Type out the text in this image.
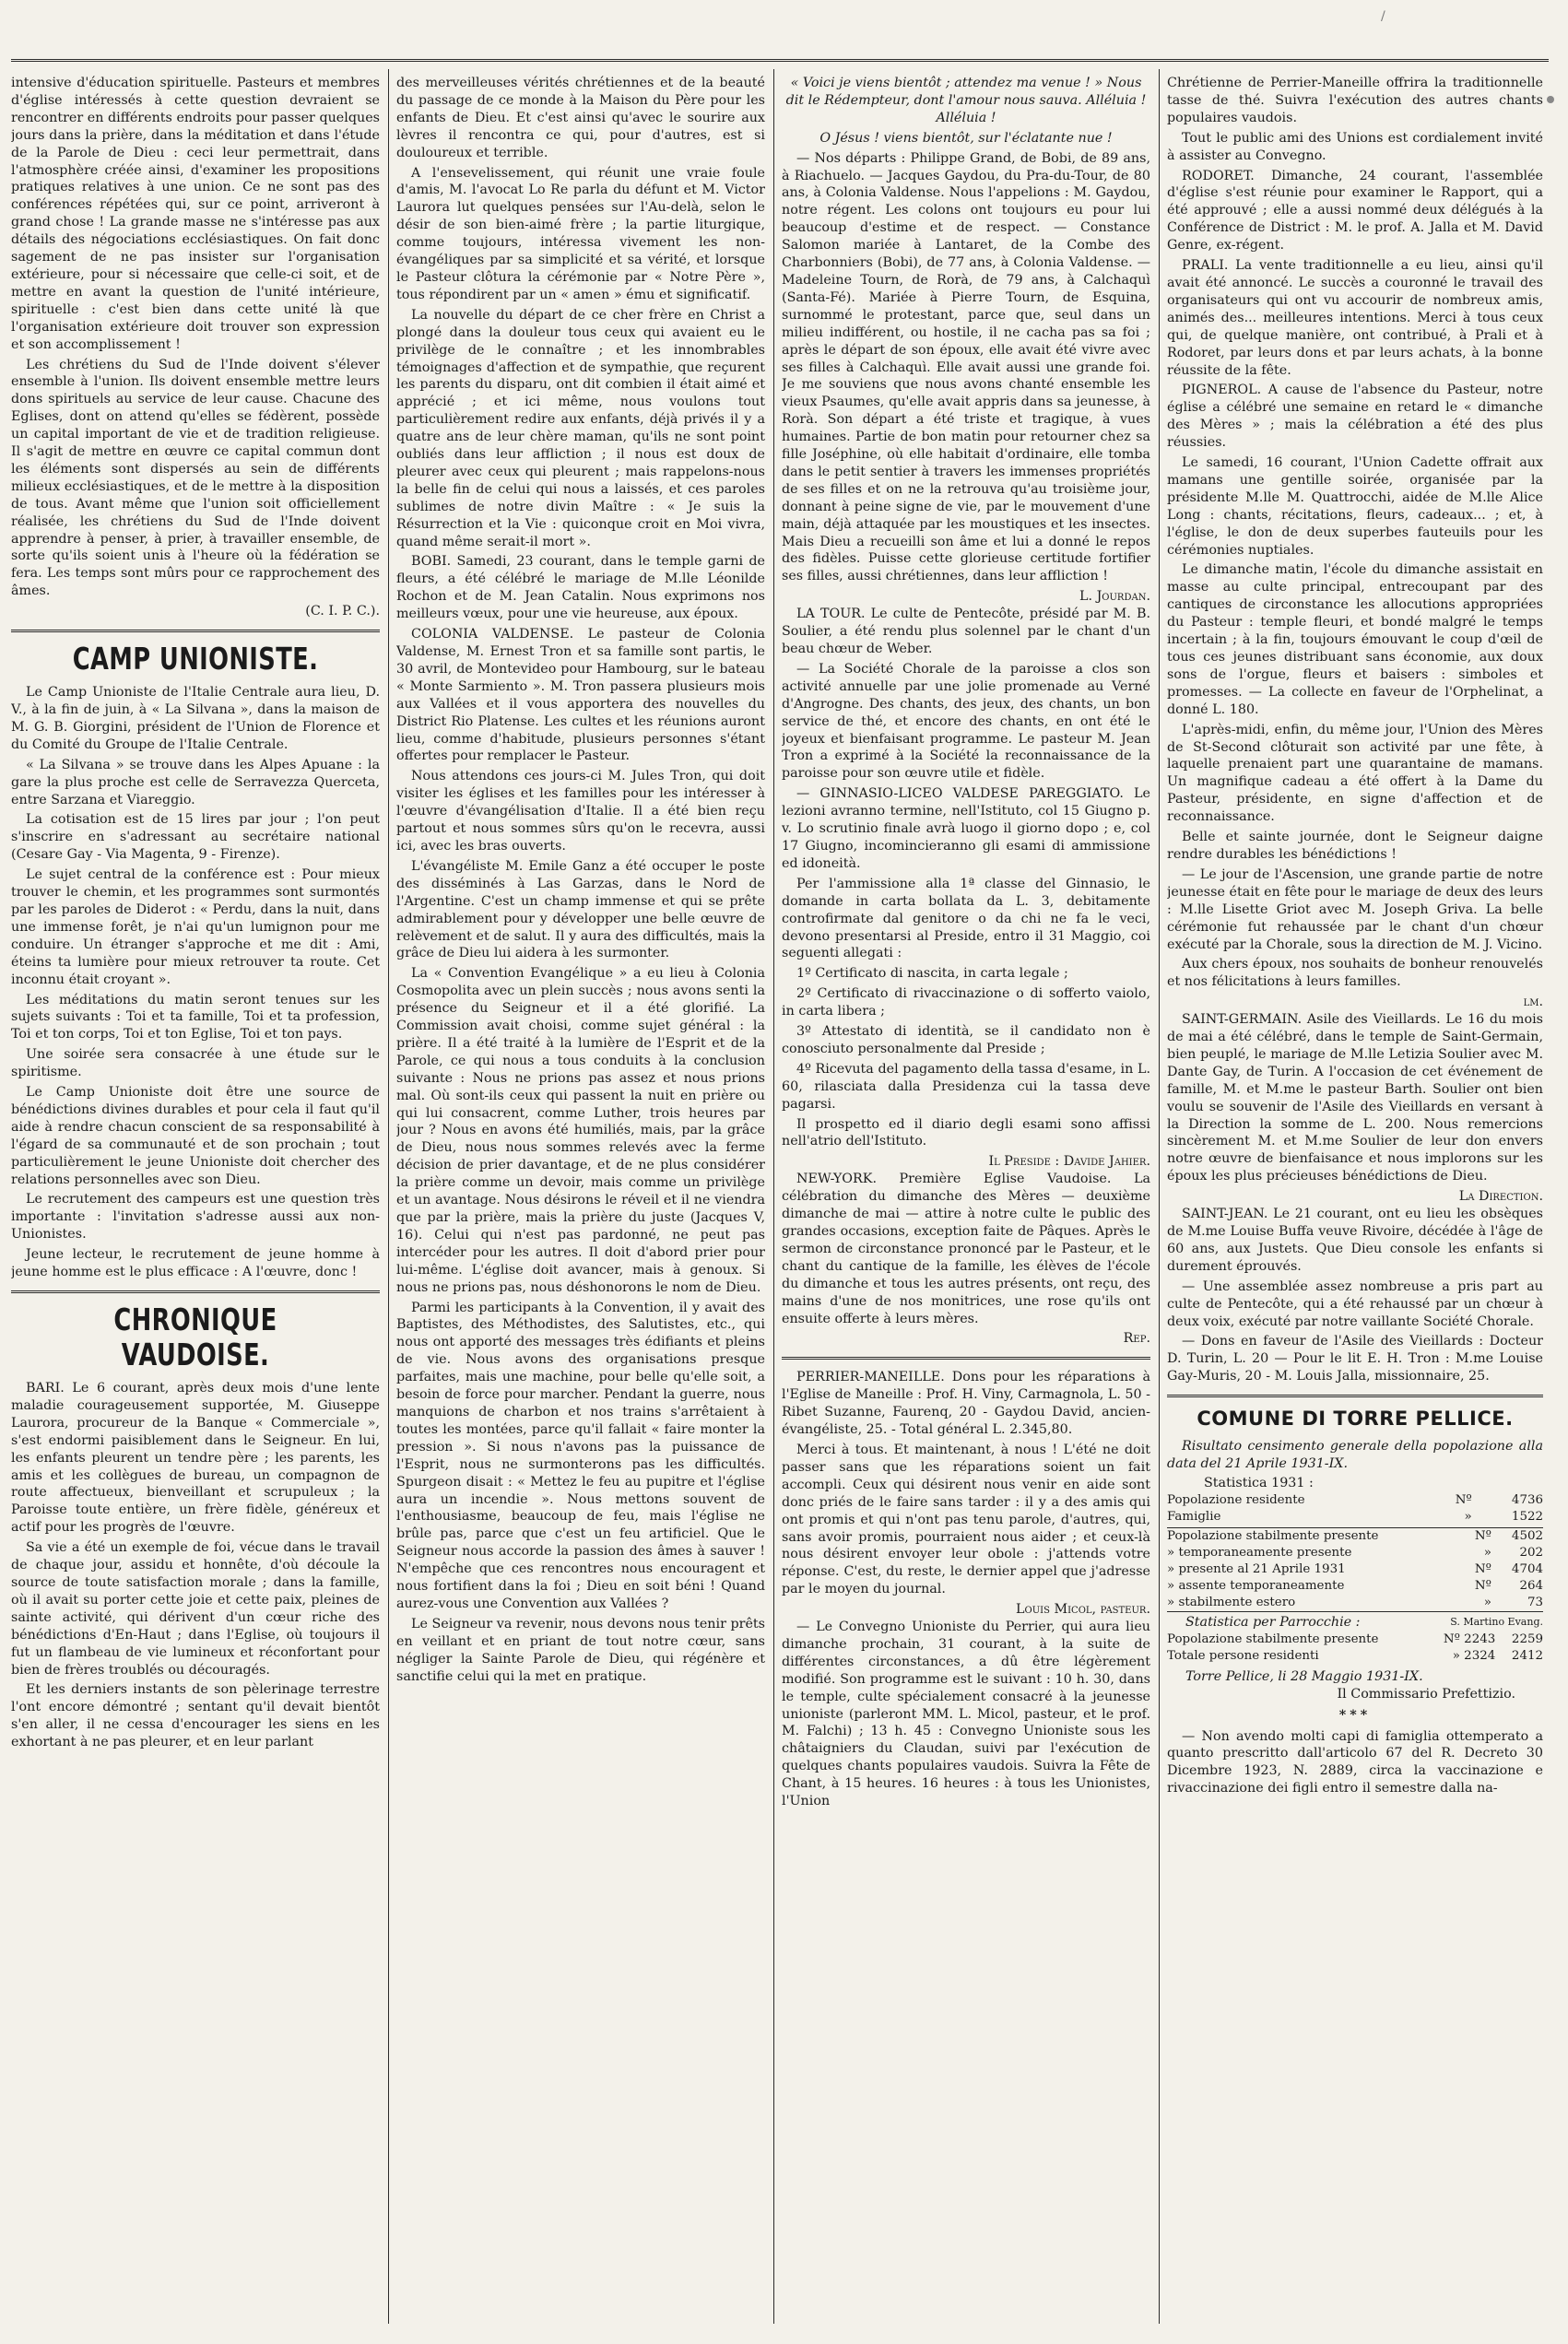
/

intensive d'éducation spirituelle. Pasteurs et membres d'église intéressés à cette question devraient se rencontrer en différents endroits pour passer quelques jours dans la prière, dans la méditation et dans l'étude de la Parole de Dieu : ceci leur permettrait, dans l'atmosphère créée ainsi, d'examiner les propositions pratiques relatives à une union. Ce ne sont pas des conférences répétées qui, sur ce point, arriveront à grand chose ! La grande masse ne s'intéresse pas aux détails des négociations ecclésiastiques. On fait donc sagement de ne pas insister sur l'organisation extérieure, pour si nécessaire que celle-ci soit, et de mettre en avant la question de l'unité intérieure, spirituelle : c'est bien dans cette unité là que l'organisation extérieure doit trouver son expression et son accomplissement !

Les chrétiens du Sud de l'Inde doivent s'élever ensemble à l'union. Ils doivent ensemble mettre leurs dons spirituels au service de leur cause. Chacune des Eglises, dont on attend qu'elles se fédèrent, possède un capital important de vie et de tradition religieuse. Il s'agit de mettre en œuvre ce capital commun dont les éléments sont dispersés au sein de différents milieux ecclésiastiques, et de le mettre à la disposition de tous. Avant même que l'union soit officiellement réalisée, les chrétiens du Sud de l'Inde doivent apprendre à penser, à prier, à travailler ensemble, de sorte qu'ils soient unis à l'heure où la fédération se fera. Les temps sont mûrs pour ce rapprochement des âmes.

(C. I. P. C.).

CAMP UNIONISTE.

Le Camp Unioniste de l'Italie Centrale aura lieu, D. V., à la fin de juin, à « La Silvana », dans la maison de M. G. B. Giorgini, président de l'Union de Florence et du Comité du Groupe de l'Italie Centrale.

« La Silvana » se trouve dans les Alpes Apuane : la gare la plus proche est celle de Serravezza Querceta, entre Sarzana et Viareggio.

La cotisation est de 15 lires par jour ; l'on peut s'inscrire en s'adressant au secrétaire national (Cesare Gay - Via Magenta, 9 - Firenze).

Le sujet central de la conférence est : Pour mieux trouver le chemin, et les programmes sont surmontés par les paroles de Diderot : « Perdu, dans la nuit, dans une immense forêt, je n'ai qu'un lumignon pour me conduire. Un étranger s'approche et me dit : Ami, éteins ta lumière pour mieux retrouver ta route. Cet inconnu était croyant ».

Les méditations du matin seront tenues sur les sujets suivants : Toi et ta famille, Toi et ta profession, Toi et ton corps, Toi et ton Eglise, Toi et ton pays.

Une soirée sera consacrée à une étude sur le spiritisme.

Le Camp Unioniste doit être une source de bénédictions divines durables et pour cela il faut qu'il aide à rendre chacun conscient de sa responsabilité à l'égard de sa communauté et de son prochain ; tout particulièrement le jeune Unioniste doit chercher des relations personnelles avec son Dieu.

Le recrutement des campeurs est une question très importante : l'invitation s'adresse aussi aux non-Unionistes.

Jeune lecteur, le recrutement de jeune homme à jeune homme est le plus efficace : A l'œuvre, donc !

CHRONIQUE VAUDOISE.

BARI. Le 6 courant, après deux mois d'une lente maladie courageusement supportée, M. Giuseppe Laurora, procureur de la Banque « Commerciale », s'est endormi paisiblement dans le Seigneur. En lui, les enfants pleurent un tendre père ; les parents, les amis et les collègues de bureau, un compagnon de route affectueux, bienveillant et scrupuleux ; la Paroisse toute entière, un frère fidèle, généreux et actif pour les progrès de l'œuvre.

Sa vie a été un exemple de foi, vécue dans le travail de chaque jour, assidu et honnête, d'où découle la source de toute satisfaction morale ; dans la famille, où il avait su porter cette joie et cette paix, pleines de sainte activité, qui dérivent d'un cœur riche des bénédictions d'En-Haut ; dans l'Eglise, où toujours il fut un flambeau de vie lumineux et réconfortant pour bien de frères troublés ou découragés.

Et les derniers instants de son pèlerinage terrestre l'ont encore démontré ; sentant qu'il devait bientôt s'en aller, il ne cessa d'encourager les siens en les exhortant à ne pas pleurer, et en leur parlant

des merveilleuses vérités chrétiennes et de la beauté du passage de ce monde à la Maison du Père pour les enfants de Dieu. Et c'est ainsi qu'avec le sourire aux lèvres il rencontra ce qui, pour d'autres, est si douloureux et terrible.

A l'ensevelissement, qui réunit une vraie foule d'amis, M. l'avocat Lo Re parla du défunt et M. Victor Laurora lut quelques pensées sur l'Au-delà, selon le désir de son bien-aimé frère ; la partie liturgique, comme toujours, intéressa vivement les non-évangéliques par sa simplicité et sa vérité, et lorsque le Pasteur clôtura la cérémonie par « Notre Père », tous répondirent par un « amen » ému et significatif.

La nouvelle du départ de ce cher frère en Christ a plongé dans la douleur tous ceux qui avaient eu le privilège de le connaître ; et les innombrables témoignages d'affection et de sympathie, que reçurent les parents du disparu, ont dit combien il était aimé et apprécié ; et ici même, nous voulons tout particulièrement redire aux enfants, déjà privés il y a quatre ans de leur chère maman, qu'ils ne sont point oubliés dans leur affliction ; il nous est doux de pleurer avec ceux qui pleurent ; mais rappelons-nous la belle fin de celui qui nous a laissés, et ces paroles sublimes de notre divin Maître : « Je suis la Résurrection et la Vie : quiconque croit en Moi vivra, quand même serait-il mort ».

BOBI. Samedi, 23 courant, dans le temple garni de fleurs, a été célébré le mariage de M.lle Léonilde Rochon et de M. Jean Catalin. Nous exprimons nos meilleurs vœux, pour une vie heureuse, aux époux.

COLONIA VALDENSE. Le pasteur de Colonia Valdense, M. Ernest Tron et sa famille sont partis, le 30 avril, de Montevideo pour Hambourg, sur le bateau « Monte Sarmiento ». M. Tron passera plusieurs mois aux Vallées et il vous apportera des nouvelles du District Rio Platense. Les cultes et les réunions auront lieu, comme d'habitude, plusieurs personnes s'étant offertes pour remplacer le Pasteur.

Nous attendons ces jours-ci M. Jules Tron, qui doit visiter les églises et les familles pour les intéresser à l'œuvre d'évangélisation d'Italie. Il a été bien reçu partout et nous sommes sûrs qu'on le recevra, aussi ici, avec les bras ouverts.

L'évangéliste M. Emile Ganz a été occuper le poste des disséminés à Las Garzas, dans le Nord de l'Argentine. C'est un champ immense et qui se prête admirablement pour y développer une belle œuvre de relèvement et de salut. Il y aura des difficultés, mais la grâce de Dieu lui aidera à les surmonter.

La « Convention Evangélique » a eu lieu à Colonia Cosmopolita avec un plein succès ; nous avons senti la présence du Seigneur et il a été glorifié. La Commission avait choisi, comme sujet général : la prière. Il a été traité à la lumière de l'Esprit et de la Parole, ce qui nous a tous conduits à la conclusion suivante : Nous ne prions pas assez et nous prions mal. Où sont-ils ceux qui passent la nuit en prière ou qui lui consacrent, comme Luther, trois heures par jour ? Nous en avons été humiliés, mais, par la grâce de Dieu, nous nous sommes relevés avec la ferme décision de prier davantage, et de ne plus considérer la prière comme un devoir, mais comme un privilège et un avantage. Nous désirons le réveil et il ne viendra que par la prière, mais la prière du juste (Jacques V, 16). Celui qui n'est pas pardonné, ne peut pas intercéder pour les autres. Il doit d'abord prier pour lui-même. L'église doit avancer, mais à genoux. Si nous ne prions pas, nous déshonorons le nom de Dieu.

Parmi les participants à la Convention, il y avait des Baptistes, des Méthodistes, des Salutistes, etc., qui nous ont apporté des messages très édifiants et pleins de vie. Nous avons des organisations presque parfaites, mais une machine, pour belle qu'elle soit, a besoin de force pour marcher. Pendant la guerre, nous manquions de charbon et nos trains s'arrêtaient à toutes les montées, parce qu'il fallait « faire monter la pression ». Si nous n'avons pas la puissance de l'Esprit, nous ne surmonterons pas les difficultés. Spurgeon disait : « Mettez le feu au pupitre et l'église aura un incendie ». Nous mettons souvent de l'enthousiasme, beaucoup de feu, mais l'église ne brûle pas, parce que c'est un feu artificiel. Que le Seigneur nous accorde la passion des âmes à sauver ! N'empêche que ces rencontres nous encouragent et nous fortifient dans la foi ; Dieu en soit béni ! Quand aurez-vous une Convention aux Vallées ?

Le Seigneur va revenir, nous devons nous tenir prêts en veillant et en priant de tout notre cœur, sans négliger la Sainte Parole de Dieu, qui régénère et sanctifie celui qui la met en pratique.

« Voici je viens bientôt ; attendez ma venue ! » Nous dit le Rédempteur, dont l'amour nous sauva. Alléluia ! Alléluia !

O Jésus ! viens bientôt, sur l'éclatante nue !

— Nos départs : Philippe Grand, de Bobi, de 89 ans, à Riachuelo. — Jacques Gaydou, du Pra-du-Tour, de 80 ans, à Colonia Valdense. Nous l'appelions : M. Gaydou, notre régent. Les colons ont toujours eu pour lui beaucoup d'estime et de respect. — Constance Salomon mariée à Lantaret, de la Combe des Charbonniers (Bobi), de 77 ans, à Colonia Valdense. — Madeleine Tourn, de Rorà, de 79 ans, à Calchaquì (Santa-Fé). Mariée à Pierre Tourn, de Esquina, surnommé le protestant, parce que, seul dans un milieu indifférent, ou hostile, il ne cacha pas sa foi ; après le départ de son époux, elle avait été vivre avec ses filles à Calchaquì. Elle avait aussi une grande foi. Je me souviens que nous avons chanté ensemble les vieux Psaumes, qu'elle avait appris dans sa jeunesse, à Rorà. Son départ a été triste et tragique, à vues humaines. Partie de bon matin pour retourner chez sa fille Joséphine, où elle habitait d'ordinaire, elle tomba dans le petit sentier à travers les immenses propriétés de ses filles et on ne la retrouva qu'au troisième jour, donnant à peine signe de vie, par le mouvement d'une main, déjà attaquée par les moustiques et les insectes. Mais Dieu a recueilli son âme et lui a donné le repos des fidèles. Puisse cette glorieuse certitude fortifier ses filles, aussi chrétiennes, dans leur affliction !

L. Jourdan.

LA TOUR. Le culte de Pentecôte, présidé par M. B. Soulier, a été rendu plus solennel par le chant d'un beau chœur de Weber.

— La Société Chorale de la paroisse a clos son activité annuelle par une jolie promenade au Verné d'Angrogne. Des chants, des jeux, des chants, un bon service de thé, et encore des chants, en ont été le joyeux et bienfaisant programme. Le pasteur M. Jean Tron a exprimé à la Société la reconnaissance de la paroisse pour son œuvre utile et fidèle.

— GINNASIO-LICEO VALDESE PAREGGIATO. Le lezioni avranno termine, nell'Istituto, col 15 Giugno p. v. Lo scrutinio finale avrà luogo il giorno dopo ; e, col 17 Giugno, incomincieranno gli esami di ammissione ed idoneità.

Per l'ammissione alla 1ª classe del Ginnasio, le domande in carta bollata da L. 3, debitamente controfirmate dal genitore o da chi ne fa le veci, devono presentarsi al Preside, entro il 31 Maggio, coi seguenti allegati :

1º Certificato di nascita, in carta legale ;

2º Certificato di rivaccinazione o di sofferto vaiolo, in carta libera ;

3º Attestato di identità, se il candidato non è conosciuto personalmente dal Preside ;

4º Ricevuta del pagamento della tassa d'esame, in L. 60, rilasciata dalla Presidenza cui la tassa deve pagarsi.

Il prospetto ed il diario degli esami sono affissi nell'atrio dell'Istituto.

Il Preside : Davide Jahier.

NEW-YORK. Première Eglise Vaudoise. La célébration du dimanche des Mères — deuxième dimanche de mai — attire à notre culte le public des grandes occasions, exception faite de Pâques. Après le sermon de circonstance prononcé par le Pasteur, et le chant du cantique de la famille, les élèves de l'école du dimanche et tous les autres présents, ont reçu, des mains d'une de nos monitrices, une rose qu'ils ont ensuite offerte à leurs mères.

Rep.

PERRIER-MANEILLE. Dons pour les réparations à l'Eglise de Maneille : Prof. H. Viny, Carmagnola, L. 50 - Ribet Suzanne, Faurenq, 20 - Gaydou David, ancien-évangéliste, 25. - Total général L. 2.345,80.

Merci à tous. Et maintenant, à nous ! L'été ne doit passer sans que les réparations soient un fait accompli. Ceux qui désirent nous venir en aide sont donc priés de le faire sans tarder : il y a des amis qui ont promis et qui n'ont pas tenu parole, d'autres, qui, sans avoir promis, pourraient nous aider ; et ceux-là nous désirent envoyer leur obole : j'attends votre réponse. C'est, du reste, le dernier appel que j'adresse par le moyen du journal.

Louis Micol, pasteur.

— Le Convegno Unioniste du Perrier, qui aura lieu dimanche prochain, 31 courant, à la suite de différentes circonstances, a dû être légèrement modifié. Son programme est le suivant : 10 h. 30, dans le temple, culte spécialement consacré à la jeunesse unioniste (parleront MM. L. Micol, pasteur, et le prof. M. Falchi) ; 13 h. 45 : Convegno Unioniste sous les châtaigniers du Claudan, suivi par l'exécution de quelques chants populaires vaudois. Suivra la Fête de Chant, à 15 heures. 16 heures : à tous les Unionistes, l'Union

Chrétienne de Perrier-Maneille offrira la traditionnelle tasse de thé. Suivra l'exécution des autres chants populaires vaudois.

Tout le public ami des Unions est cordialement invité à assister au Convegno.

RODORET. Dimanche, 24 courant, l'assemblée d'église s'est réunie pour examiner le Rapport, qui a été approuvé ; elle a aussi nommé deux délégués à la Conférence de District : M. le prof. A. Jalla et M. David Genre, ex-régent.

PRALI. La vente traditionnelle a eu lieu, ainsi qu'il avait été annoncé. Le succès a couronné le travail des organisateurs qui ont vu accourir de nombreux amis, animés des... meilleures intentions. Merci à tous ceux qui, de quelque manière, ont contribué, à Prali et à Rodoret, par leurs dons et par leurs achats, à la bonne réussite de la fête.

PIGNEROL. A cause de l'absence du Pasteur, notre église a célébré une semaine en retard le « dimanche des Mères » ; mais la célébration a été des plus réussies.

Le samedi, 16 courant, l'Union Cadette offrait aux mamans une gentille soirée, organisée par la présidente M.lle M. Quattrocchi, aidée de M.lle Alice Long : chants, récitations, fleurs, cadeaux... ; et, à l'église, le don de deux superbes fauteuils pour les cérémonies nuptiales.

Le dimanche matin, l'école du dimanche assistait en masse au culte principal, entrecoupant par des cantiques de circonstance les allocutions appropriées du Pasteur : temple fleuri, et bondé malgré le temps incertain ; à la fin, toujours émouvant le coup d'œil de tous ces jeunes distribuant sans économie, aux doux sons de l'orgue, fleurs et baisers : simboles et promesses. — La collecte en faveur de l'Orphelinat, a donné L. 180.

L'après-midi, enfin, du même jour, l'Union des Mères de St-Second clôturait son activité par une fête, à laquelle prenaient part une quarantaine de mamans. Un magnifique cadeau a été offert à la Dame du Pasteur, présidente, en signe d'affection et de reconnaissance.

Belle et sainte journée, dont le Seigneur daigne rendre durables les bénédictions !

— Le jour de l'Ascension, une grande partie de notre jeunesse était en fête pour le mariage de deux des leurs : M.lle Lisette Griot avec M. Joseph Griva. La belle cérémonie fut rehaussée par le chant d'un chœur exécuté par la Chorale, sous la direction de M. J. Vicino.

Aux chers époux, nos souhaits de bonheur renouvelés et nos félicitations à leurs familles.

lm.

SAINT-GERMAIN. Asile des Vieillards. Le 16 du mois de mai a été célébré, dans le temple de Saint-Germain, bien peuplé, le mariage de M.lle Letizia Soulier avec M. Dante Gay, de Turin. A l'occasion de cet événement de famille, M. et M.me le pasteur Barth. Soulier ont bien voulu se souvenir de l'Asile des Vieillards en versant à la Direction la somme de L. 200. Nous remercions sincèrement M. et M.me Soulier de leur don envers notre œuvre de bienfaisance et nous implorons sur les époux les plus précieuses bénédictions de Dieu.

La Direction.

SAINT-JEAN. Le 21 courant, ont eu lieu les obsèques de M.me Louise Buffa veuve Rivoire, décédée à l'âge de 60 ans, aux Justets. Que Dieu console les enfants si durement éprouvés.

— Une assemblée assez nombreuse a pris part au culte de Pentecôte, qui a été rehaussé par un chœur à deux voix, exécuté par notre vaillante Société Chorale.

— Dons en faveur de l'Asile des Vieillards : Docteur D. Turin, L. 20 — Pour le lit E. H. Tron : M.me Louise Gay-Muris, 20 - M. Louis Jalla, missionnaire, 25.

COMUNE DI TORRE PELLICE.

Risultato censimento generale della popolazione alla data del 21 Aprile 1931-IX.

Statistica 1931 :
Popolazione residente	Nº	4736
Famiglie	»	1522
Popolazione stabilmente presente	Nº	4502
» temporaneamente presente	»	202
» presente al 21 Aprile 1931	Nº	4704
» assente temporaneamente	Nº	264
» stabilmente estero	»	73
Statistica per Parrocchie :	S. Martino Evang.
Popolazione stabilmente presente	Nº 2243	2259
Totale persone residenti	» 2324	2412
Torre Pellice, li 28 Maggio 1931-IX.
Il Commissario Prefettizio.
***

— Non avendo molti capi di famiglia ottemperato a quanto prescritto dall'articolo 67 del R. Decreto 30 Dicembre 1923, N. 2889, circa la vaccinazione e rivaccinazione dei figli entro il semestre dalla na-
